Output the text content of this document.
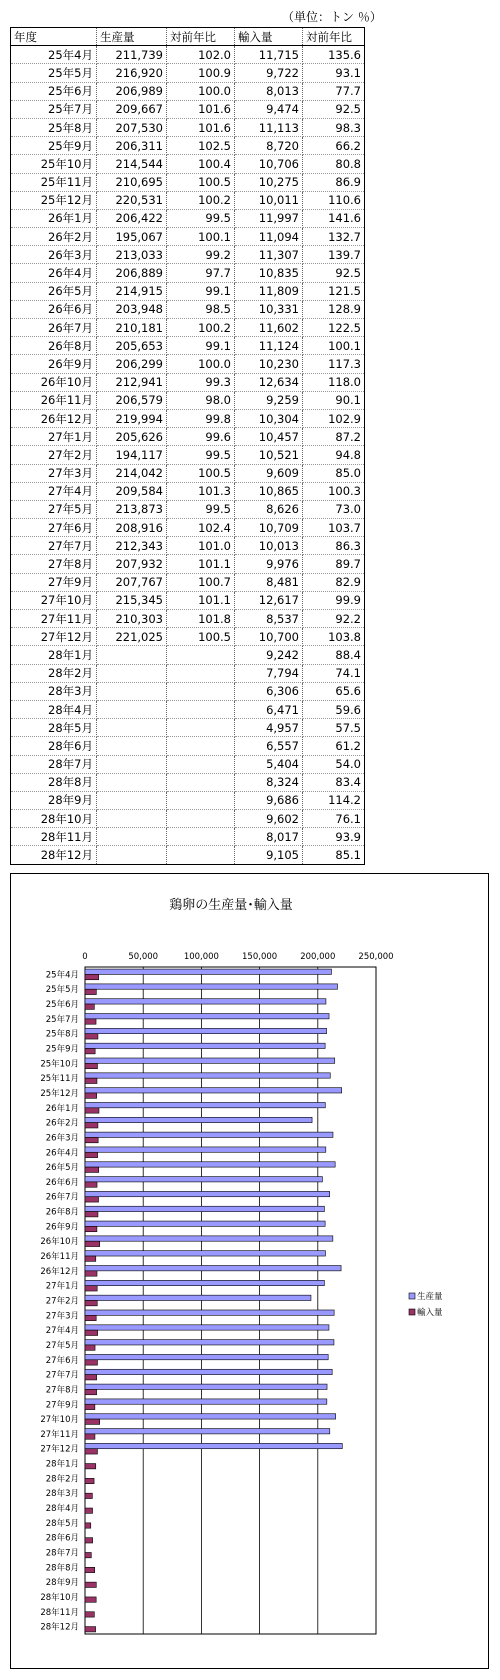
（単位：トン ％）
年度	生産量	対前年比	輸入量	対前年比
25年4月	211,739	102.0	11,715	135.6
25年5月	216,920	100.9	9,722	93.1
25年6月	206,989	100.0	8,013	77.7
25年7月	209,667	101.6	9,474	92.5
25年8月	207,530	101.6	11,113	98.3
25年9月	206,311	102.5	8,720	66.2
25年10月	214,544	100.4	10,706	80.8
25年11月	210,695	100.5	10,275	86.9
25年12月	220,531	100.2	10,011	110.6
26年1月	206,422	99.5	11,997	141.6
26年2月	195,067	100.1	11,094	132.7
26年3月	213,033	99.2	11,307	139.7
26年4月	206,889	97.7	10,835	92.5
26年5月	214,915	99.1	11,809	121.5
26年6月	203,948	98.5	10,331	128.9
26年7月	210,181	100.2	11,602	122.5
26年8月	205,653	99.1	11,124	100.1
26年9月	206,299	100.0	10,230	117.3
26年10月	212,941	99.3	12,634	118.0
26年11月	206,579	98.0	9,259	90.1
26年12月	219,994	99.8	10,304	102.9
27年1月	205,626	99.6	10,457	87.2
27年2月	194,117	99.5	10,521	94.8
27年3月	214,042	100.5	9,609	85.0
27年4月	209,584	101.3	10,865	100.3
27年5月	213,873	99.5	8,626	73.0
27年6月	208,916	102.4	10,709	103.7
27年7月	212,343	101.0	10,013	86.3
27年8月	207,932	101.1	9,976	89.7
27年9月	207,767	100.7	8,481	82.9
27年10月	215,345	101.1	12,617	99.9
27年11月	210,303	101.8	8,537	92.2
27年12月	221,025	100.5	10,700	103.8
28年1月			9,242	88.4
28年2月			7,794	74.1
28年3月			6,306	65.6
28年4月			6,471	59.6
28年5月			4,957	57.5
28年6月			6,557	61.2
28年7月			5,404	54.0
28年8月			8,324	83.4
28年9月			9,686	114.2
28年10月			9,602	76.1
28年11月			8,017	93.9
28年12月			9,105	85.1
鶏卵の生産量･輸入量
0	50,000	100,000	150,000	200,000	250,000
25年4月
25年5月
25年6月
25年7月
25年8月
25年9月
25年10月
25年11月
25年12月
26年1月
26年2月
26年3月
26年4月
26年5月
26年6月
26年7月
26年8月
26年9月
26年10月
26年11月
26年12月
27年1月
27年2月
27年3月
27年4月
27年5月
27年6月
27年7月
27年8月
27年9月
27年10月
27年11月
27年12月
28年1月
28年2月
28年3月
28年4月
28年5月
28年6月
28年7月
28年8月
28年9月
28年10月
28年11月
28年12月
生産量
輸入量
